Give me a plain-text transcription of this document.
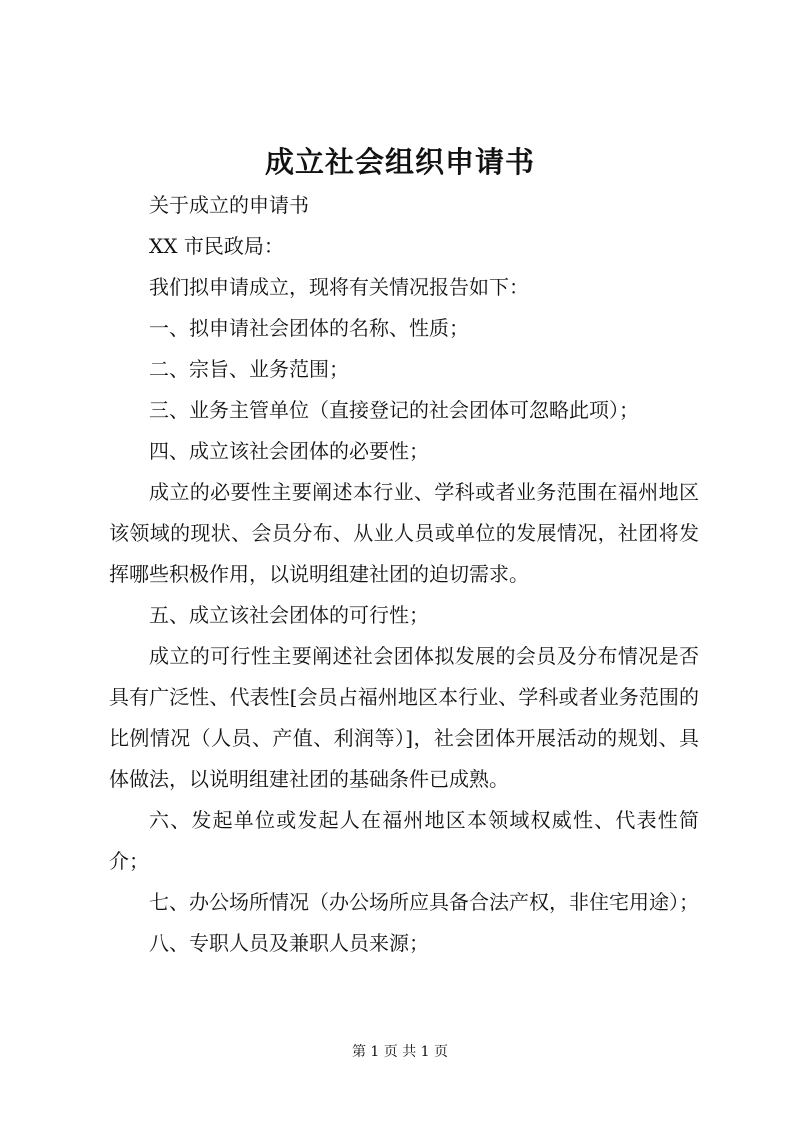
成立社会组织申请书

关于成立的申请书

XX 市民政局：

我们拟申请成立，现将有关情况报告如下：

一、拟申请社会团体的名称、性质；

二、宗旨、业务范围；

三、业务主管单位（直接登记的社会团体可忽略此项）；

四、成立该社会团体的必要性；

成立的必要性主要阐述本行业、学科或者业务范围在福州地区该领域的现状、会员分布、从业人员或单位的发展情况，社团将发挥哪些积极作用，以说明组建社团的迫切需求。

五、成立该社会团体的可行性；

成立的可行性主要阐述社会团体拟发展的会员及分布情况是否具有广泛性、代表性[会员占福州地区本行业、学科或者业务范围的比例情况（人员、产值、利润等）]，社会团体开展活动的规划、具体做法，以说明组建社团的基础条件已成熟。

六、发起单位或发起人在福州地区本领域权威性、代表性简介；

七、办公场所情况（办公场所应具备合法产权，非住宅用途）；

八、专职人员及兼职人员来源；

第 1 页 共 1 页
